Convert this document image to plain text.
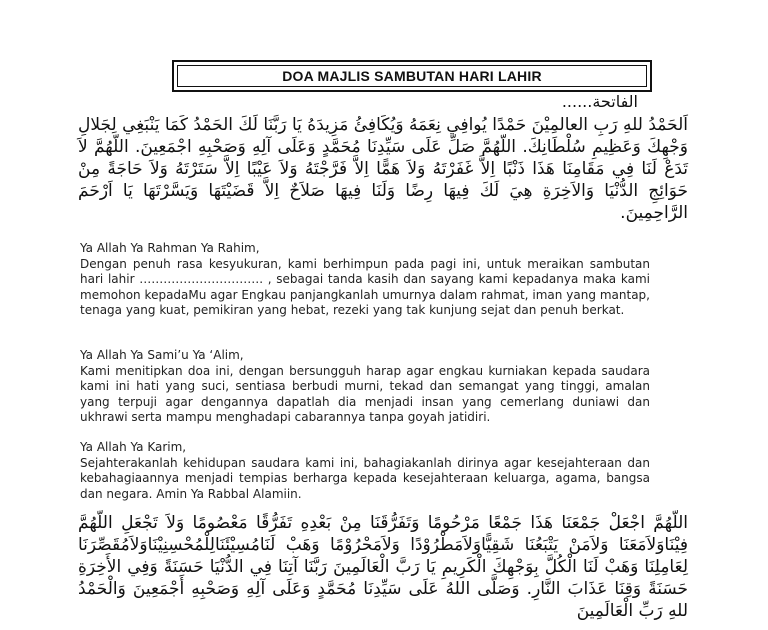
DOA MAJLIS SAMBUTAN HARI LAHIR
الفاتحة......
اَلحَمْدُ للهِ رَبِ العالمِيْنَ حَمْدًا يُوافِي نِعَمَهُ وَيُكَافِئُ مَزِيدَهُ يَا رَبَّنَا لَكَ الحَمْدُ كَمَا يَنْبَغِي لِجَلالِ وَجْهِكَ وَعَظِيمِ سُلْطَانِكَ. اللّهُمَّ صَلِّ عَلَى سَيِّدِنَا مُحَمَّدٍ وَعَلَى آلِهِ وَصَحْبِهِ اجْمَعِينَ. اللّهُمَّ لاَ تَدَعْ لَنَا فِي مَقَامِنَا هَذَا ذَنْبًا اِلاَّ غَفَرْتَهُ وَلاَ هَمًّا اِلاَّ فَرَّجْتَهُ وَلاَ عَيْبًا اِلاَّ سَتَرْتَهُ وَلاَ حَاجَةً مِنْ حَوَائِجِ الدُّنْيَا وَالاَخِرَةِ هِيَ لَكَ فِيهَا رِضًا وَلَنَا فِيهَا صَلاَحٌ اِلاَّ قَضَيْتَهَا وَيَسَّرْتَهَا يَا اَرْحَمَ الرَّاحِمِينَ.
Ya Allah Ya Rahman Ya Rahim,
Dengan penuh rasa kesyukuran, kami berhimpun pada pagi ini, untuk meraikan sambutan hari lahir …………………………. , sebagai tanda kasih dan sayang kami kepadanya maka kami memohon kepadaMu agar Engkau panjangkanlah umurnya dalam rahmat, iman yang mantap, tenaga yang kuat, pemikiran yang hebat, rezeki yang tak kunjung sejat dan penuh berkat.
Ya Allah Ya Sami’u Ya ‘Alim,
Kami menitipkan doa ini, dengan bersungguh harap agar engkau kurniakan kepada saudara kami ini hati yang suci, sentiasa berbudi murni, tekad dan semangat yang tinggi, amalan yang terpuji agar dengannya dapatlah dia menjadi insan yang cemerlang duniawi dan ukhrawi serta mampu menghadapi cabarannya tanpa goyah jatidiri.
Ya Allah Ya Karim,
Sejahterakanlah kehidupan saudara kami ini, bahagiakanlah dirinya agar kesejahteraan dan kebahagiaannya menjadi tempias berharga kepada kesejahteraan keluarga, agama, bangsa dan negara. Amin Ya Rabbal Alamiin.
اللّهُمَّ اجْعَلْ جَمْعَنَا هَذَا جَمْعًا مَرْحُومًا وَتَفَرُّقَنَا مِنْ بَعْدِهِ تَفَرُّقًا مَعْصُومًا وَلاَ تَجْعَلِ اللّهُمَّ فِيْنَاوَلاَمَعَنَا وَلاَمَنْ يَتْبَعُنَا شَقِيًّاوَلاَمَطْرُوْدًا وَلاَمَحْرُوْمًا وَهَبْ لَنَامُسِيْئَنَالِلْمُحْسِنِيْنَاوَلاَمُقَصِّرَنَا لِعَامِلِنَا وَهَبْ لَنَا الْكُلَّ بِوَجْهِكَ الْكَرِيمِ يَا رَبَّ الْعَالَمِينَ رَبَّنَا آتِنَا فِي الدُّنْيَا حَسَنَةً وَفِي الأَخِرَةِ حَسَنَةً وَقِنَا عَذَابَ النَّارِ. وَصَلَّى اللهُ عَلَى سَيِّدِنَا مُحَمَّدٍ وَعَلَى آلِهِ وَصَحْبِهِ أَجْمَعِينَ وَالْحَمْدُ للهِ رَبِّ الْعَالَمِينَ
